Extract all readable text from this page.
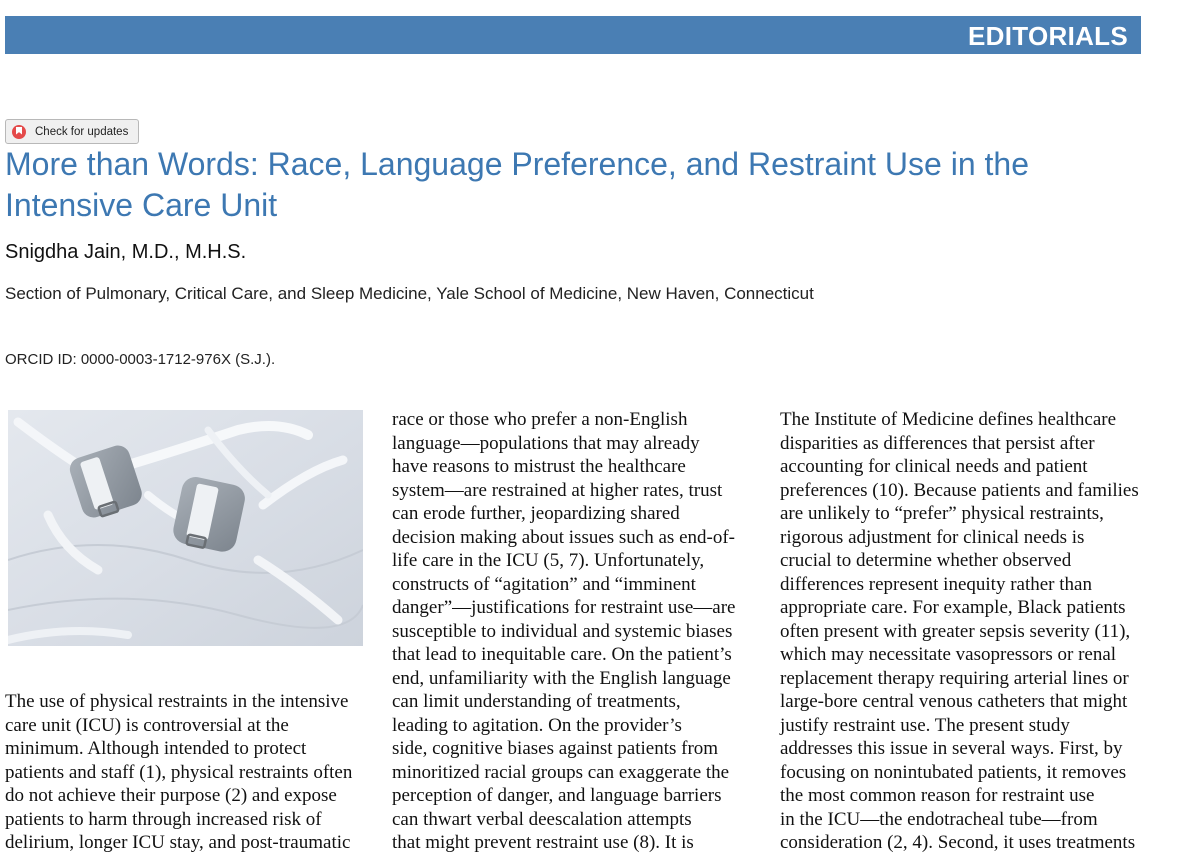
EDITORIALS
Check for updates
More than Words: Race, Language Preference, and Restraint Use in the
Intensive Care Unit
Snigdha Jain, M.D., M.H.S.
Section of Pulmonary, Critical Care, and Sleep Medicine, Yale School of Medicine, New Haven, Connecticut
ORCID ID: 0000-0003-1712-976X (S.J.).

The use of physical restraints in the intensive
care unit (ICU) is controversial at the
minimum. Although intended to protect
patients and staff (1), physical restraints often
do not achieve their purpose (2) and expose
patients to harm through increased risk of
delirium, longer ICU stay, and post-traumatic

race or those who prefer a non-English
language—populations that may already
have reasons to mistrust the healthcare
system—are restrained at higher rates, trust
can erode further, jeopardizing shared
decision making about issues such as end-of-
life care in the ICU (5, 7). Unfortunately,
constructs of “agitation” and “imminent
danger”—justifications for restraint use—are
susceptible to individual and systemic biases
that lead to inequitable care. On the patient’s
end, unfamiliarity with the English language
can limit understanding of treatments,
leading to agitation. On the provider’s
side, cognitive biases against patients from
minoritized racial groups can exaggerate the
perception of danger, and language barriers
can thwart verbal deescalation attempts
that might prevent restraint use (8). It is

The Institute of Medicine defines healthcare
disparities as differences that persist after
accounting for clinical needs and patient
preferences (10). Because patients and families
are unlikely to “prefer” physical restraints,
rigorous adjustment for clinical needs is
crucial to determine whether observed
differences represent inequity rather than
appropriate care. For example, Black patients
often present with greater sepsis severity (11),
which may necessitate vasopressors or renal
replacement therapy requiring arterial lines or
large-bore central venous catheters that might
justify restraint use. The present study
addresses this issue in several ways. First, by
focusing on nonintubated patients, it removes
the most common reason for restraint use
in the ICU—the endotracheal tube—from
consideration (2, 4). Second, it uses treatments
